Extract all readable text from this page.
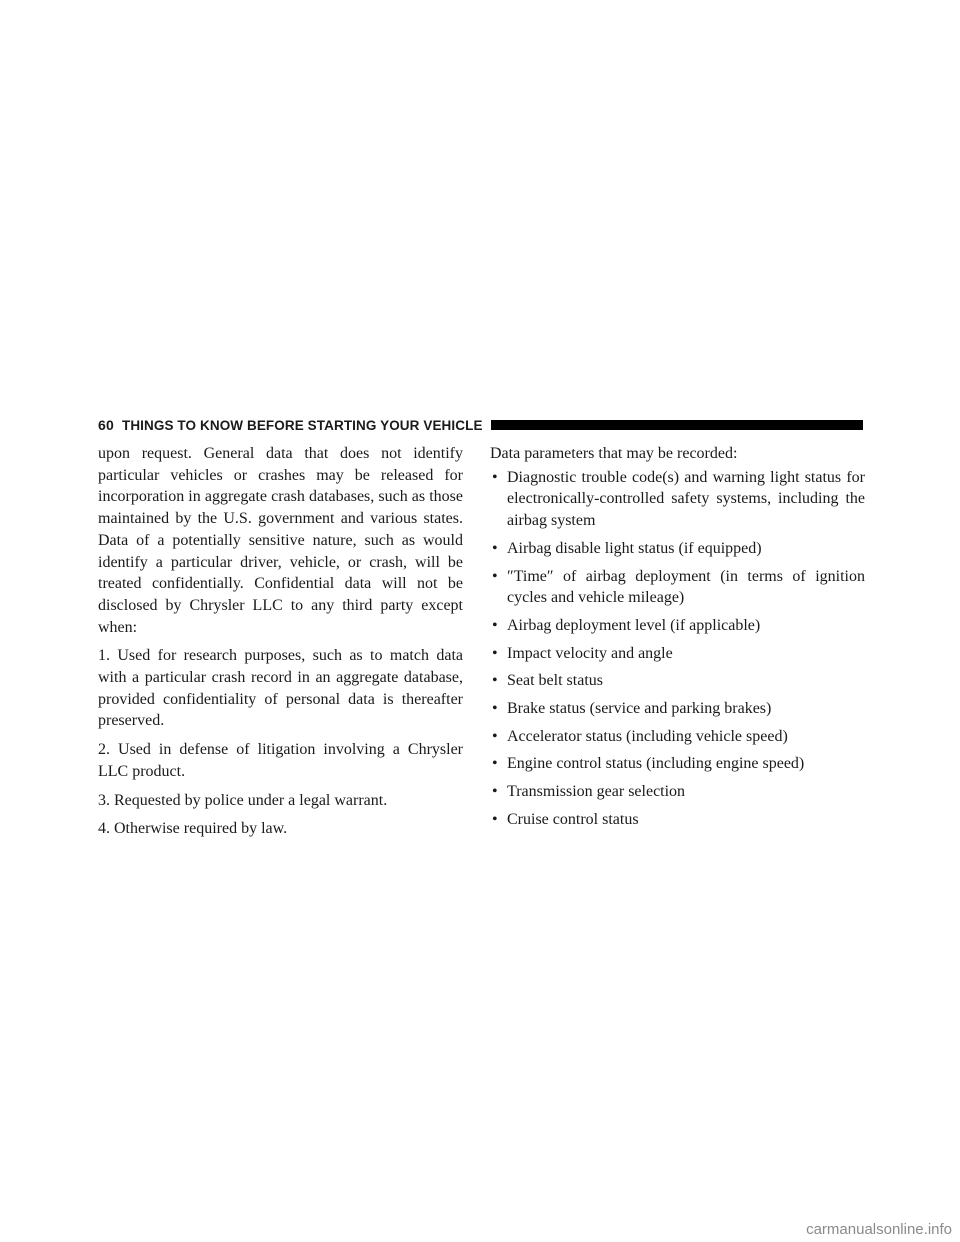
60 THINGS TO KNOW BEFORE STARTING YOUR VEHICLE

upon request. General data that does not identify particular vehicles or crashes may be released for incorporation in aggregate crash databases, such as those maintained by the U.S. government and various states. Data of a potentially sensitive nature, such as would identify a particular driver, vehicle, or crash, will be treated confidentially. Confidential data will not be disclosed by Chrysler LLC to any third party except when:

1. Used for research purposes, such as to match data with a particular crash record in an aggregate database, provided confidentiality of personal data is thereafter preserved.

2. Used in defense of litigation involving a Chrysler LLC product.

3. Requested by police under a legal warrant.

4. Otherwise required by law.

Data parameters that may be recorded:

• Diagnostic trouble code(s) and warning light status for electronically-controlled safety systems, including the airbag system
• Airbag disable light status (if equipped)
• ″Time″ of airbag deployment (in terms of ignition cycles and vehicle mileage)
• Airbag deployment level (if applicable)
• Impact velocity and angle
• Seat belt status
• Brake status (service and parking brakes)
• Accelerator status (including vehicle speed)
• Engine control status (including engine speed)
• Transmission gear selection
• Cruise control status
carmanualsonline.info
